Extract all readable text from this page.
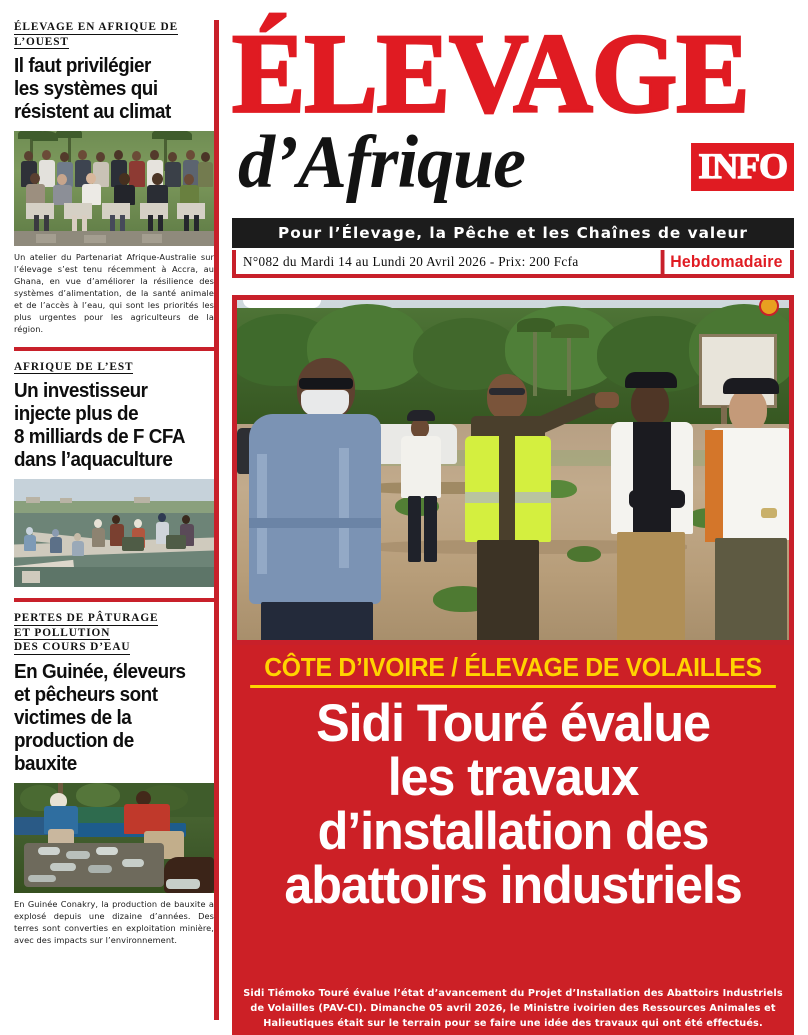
ÉLEVAGE EN AFRIQUE DE
L’OUEST
Il faut privilégier
les systèmes qui
résistent au climat
Un atelier du Partenariat Afrique-Australie sur l’élevage s’est tenu récemment à Accra, au Ghana, en vue d’améliorer la résilience des systèmes d’alimentation, de la santé animale et de l’accès à l’eau, qui sont les priorités les plus urgentes pour les agriculteurs de la région.
AFRIQUE DE L’EST
Un investisseur
injecte plus de
8 milliards de F CFA
dans l’aquaculture
PERTES DE PÂTURAGE
ET POLLUTION
DES COURS D’EAU
En Guinée, éleveurs
et pêcheurs sont
victimes de la
production de bauxite
En Guinée Conakry, la production de bauxite a explosé depuis une dizaine d’années. Des terres sont converties en exploitation minière, avec des impacts sur l’environnement.
ÉLEVAGE
d’Afrique	INFO
Pour l’Élevage, la Pêche et les Chaînes de valeur
N°082 du Mardi 14 au Lundi 20 Avril 2026 - Prix: 200 Fcfa	Hebdomadaire
CÔTE D’IVOIRE / ÉLEVAGE DE VOLAILLES
Sidi Touré évalue
les travaux
d’installation des
abattoirs industriels
Sidi Tiémoko Touré évalue l’état d’avancement du Projet d’Installation des Abattoirs Industriels de Volailles (PAV-CI). Dimanche 05 avril 2026, le Ministre ivoirien des Ressources Animales et Halieutiques était sur le terrain pour se faire une idée des travaux qui ont été effectués.
